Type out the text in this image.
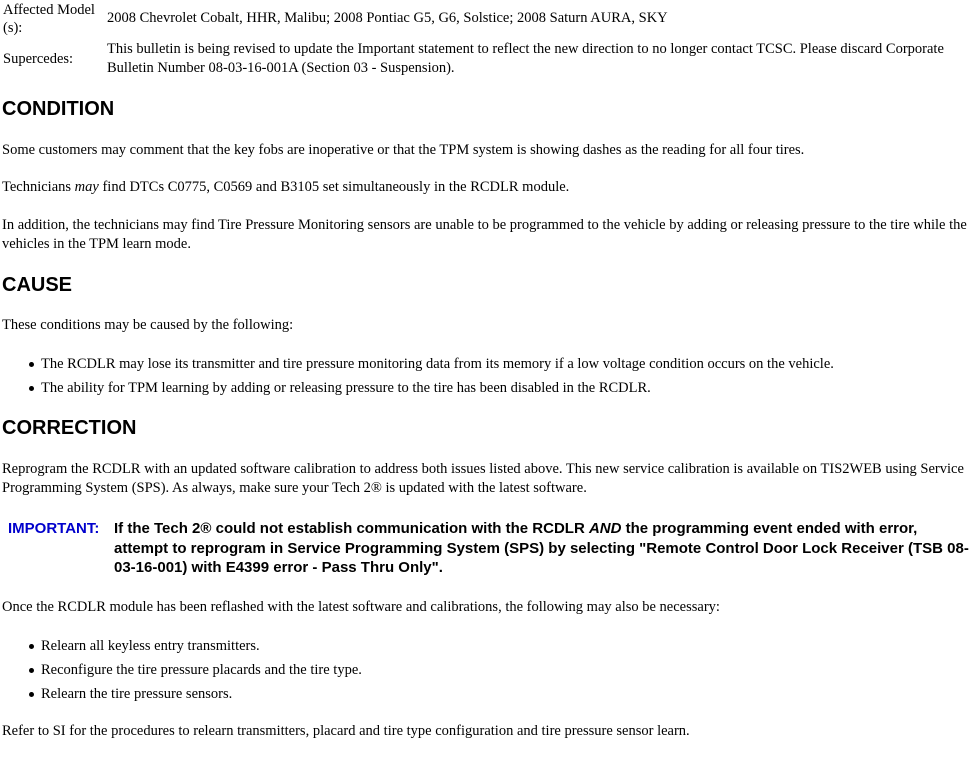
Affected Model (s):
2008 Chevrolet Cobalt, HHR, Malibu; 2008 Pontiac G5, G6, Solstice; 2008 Saturn AURA, SKY
Supercedes:
This bulletin is being revised to update the Important statement to reflect the new direction to no longer contact TCSC. Please discard Corporate Bulletin Number 08-03-16-001A (Section 03 - Suspension).
CONDITION

Some customers may comment that the key fobs are inoperative or that the TPM system is showing dashes as the reading for all four tires.

Technicians may find DTCs C0775, C0569 and B3105 set simultaneously in the RCDLR module.

In addition, the technicians may find Tire Pressure Monitoring sensors are unable to be programmed to the vehicle by adding or releasing pressure to the tire while the vehicles in the TPM learn mode.

CAUSE

These conditions may be caused by the following:

The RCDLR may lose its transmitter and tire pressure monitoring data from its memory if a low voltage condition occurs on the vehicle.
The ability for TPM learning by adding or releasing pressure to the tire has been disabled in the RCDLR.
CORRECTION

Reprogram the RCDLR with an updated software calibration to address both issues listed above. This new service calibration is available on TIS2WEB using Service Programming System (SPS). As always, make sure your Tech 2® is updated with the latest software.

IMPORTANT: If the Tech 2® could not establish communication with the RCDLR AND the programming event ended with error, attempt to reprogram in Service Programming System (SPS) by selecting "Remote Control Door Lock Receiver (TSB 08-03-16-001) with E4399 error - Pass Thru Only".

Once the RCDLR module has been reflashed with the latest software and calibrations, the following may also be necessary:

Relearn all keyless entry transmitters.
Reconfigure the tire pressure placards and the tire type.
Relearn the tire pressure sensors.

Refer to SI for the procedures to relearn transmitters, placard and tire type configuration and tire pressure sensor learn.
